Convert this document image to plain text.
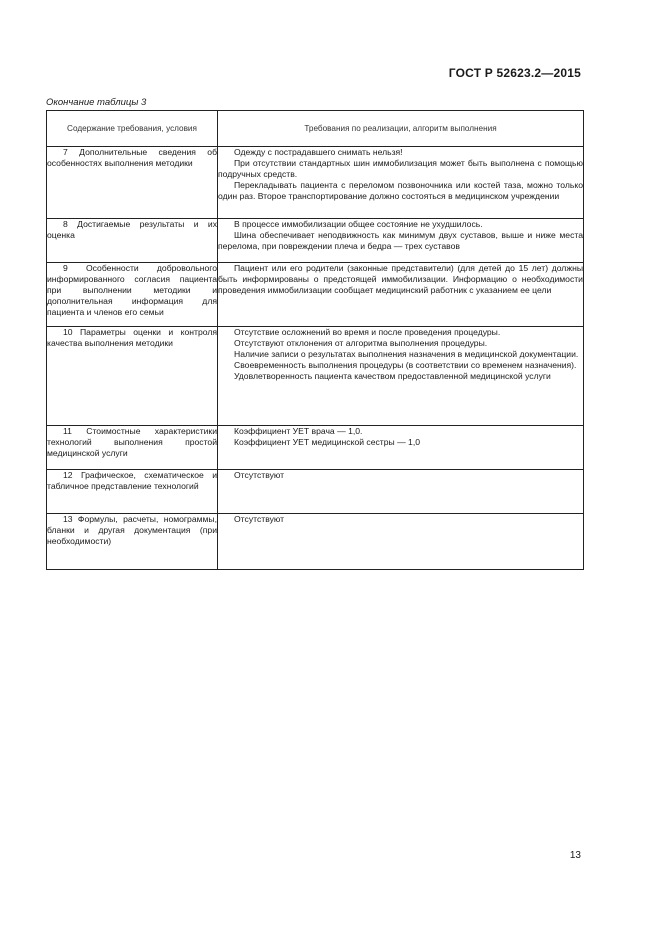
ГОСТ Р 52623.2—2015
Окончание таблицы 3
Содержание требования, условия	Требования по реализации, алгоритм выполнения

7 Дополнительные сведения об особенностях выполнения методики	Одежду с пострадавшего снимать нельзя!

При отсутствии стандартных шин иммобилизация может быть выполнена с помощью подручных средств.

Перекладывать пациента с переломом позвоночника или костей таза, можно только один раз. Второе транспортирование должно состояться в медицинском учреждении

8 Достигаемые результаты и их оценка	В процессе иммобилизации общее состояние не ухудшилось.

Шина обеспечивает неподвижность как минимум двух суставов, выше и ниже места перелома, при повреждении плеча и бедра — трех суставов

9 Особенности добровольного информированного согласия пациента при выполнении методики и дополнительная информация для пациента и членов его семьи	Пациент или его родители (законные представители) (для детей до 15 лет) должны быть информированы о предстоящей иммобилизации. Информацию о необходимости проведения иммобилизации сообщает медицинский работник с указанием ее цели

10 Параметры оценки и контроля качества выполнения методики	Отсутствие осложнений во время и после проведения процедуры.

Отсутствуют отклонения от алгоритма выполнения процедуры.

Наличие записи о результатах выполнения назначения в медицинской документации.

Своевременность выполнения процедуры (в соответствии со временем назначения).

Удовлетворенность пациента качеством предоставленной медицинской услуги

11 Стоимостные характеристики технологий выполнения простой медицинской услуги	Коэффициент УЕТ врача — 1,0.

Коэффициент УЕТ медицинской сестры — 1,0

12 Графическое, схематическое и табличное представление технологий	Отсутствуют

13 Формулы, расчеты, номограммы, бланки и другая документация (при необходимости)	Отсутствуют

13
